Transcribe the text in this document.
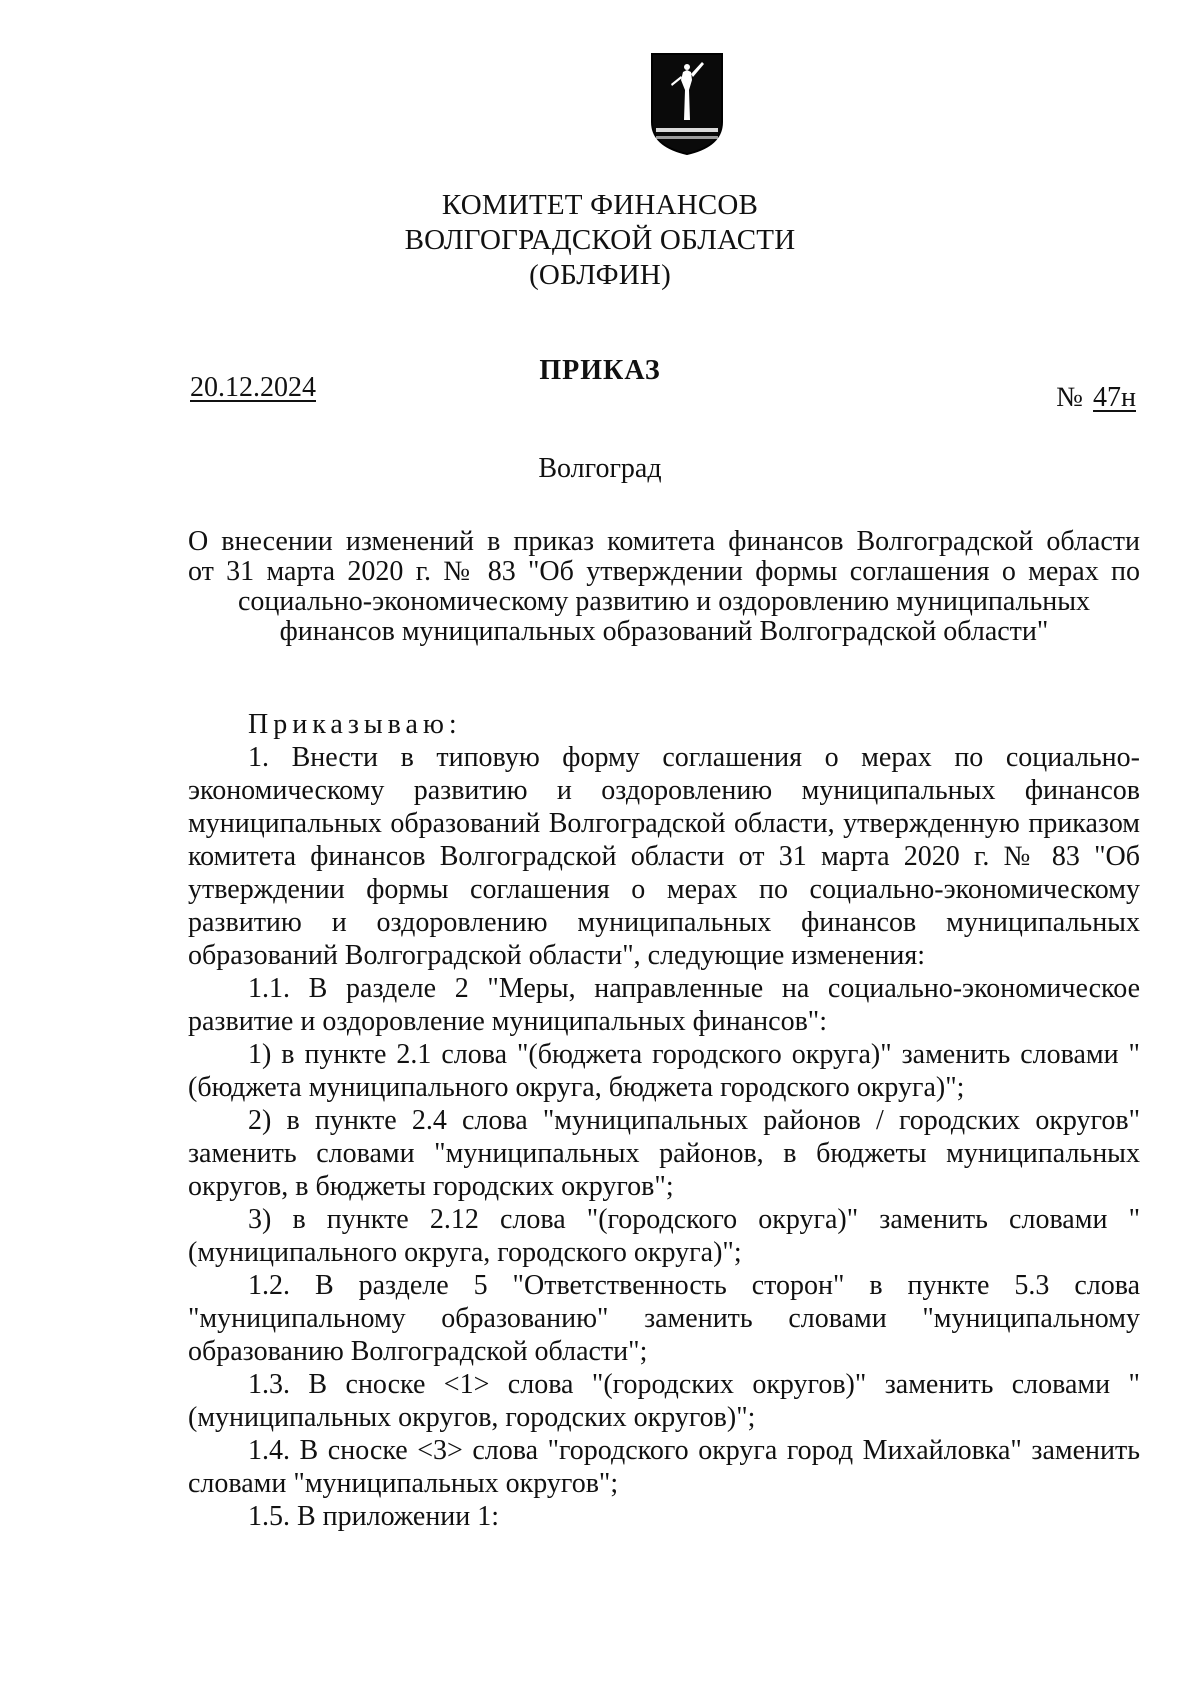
КОМИТЕТ ФИНАНСОВ
ВОЛГОГРАДСКОЙ ОБЛАСТИ
(ОБЛФИН)
ПРИКАЗ
20.12.2024	№ 47н
Волгоград
О внесении изменений в приказ комитета финансов Волгоградской области
от 31 марта 2020 г. № 83 "Об утверждении формы соглашения о мерах по
социально-экономическому развитию и оздоровлению муниципальных
финансов муниципальных образований Волгоградской области"

Приказываю:

1. Внести в типовую форму соглашения о мерах по социально-экономическому развитию и оздоровлению муниципальных финансов муниципальных образований Волгоградской области, утвержденную приказом комитета финансов Волгоградской области от 31 марта 2020 г. № 83 "Об утверждении формы соглашения о мерах по социально-экономическому развитию и оздоровлению муниципальных финансов муниципальных образований Волгоградской области", следующие изменения:

1.1. В разделе 2 "Меры, направленные на социально-экономическое развитие и оздоровление муниципальных финансов":

1) в пункте 2.1 слова "(бюджета городского округа)" заменить словами "(бюджета муниципального округа, бюджета городского округа)";

2) в пункте 2.4 слова "муниципальных районов / городских округов" заменить словами "муниципальных районов, в бюджеты муниципальных округов, в бюджеты городских округов";

3) в пункте 2.12 слова "(городского округа)" заменить словами "(муниципального округа, городского округа)";

1.2. В разделе 5 "Ответственность сторон" в пункте 5.3 слова "муниципальному образованию" заменить словами "муниципальному образованию Волгоградской области";

1.3. В сноске <1> слова "(городских округов)" заменить словами "(муниципальных округов, городских округов)";

1.4. В сноске <3> слова "городского округа город Михайловка" заменить словами "муниципальных округов";

1.5. В приложении 1:
